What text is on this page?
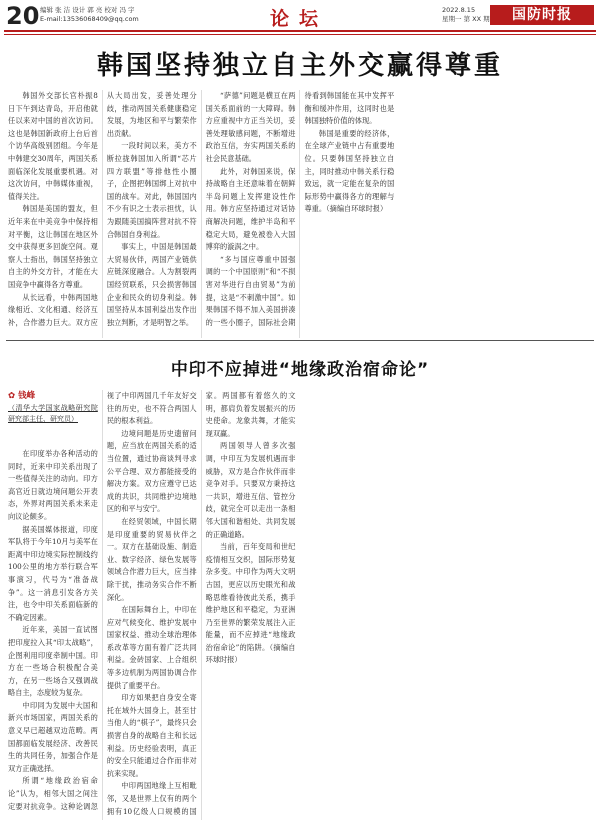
20 编辑 张 洁 设计 郭 亮 校对 冯 宇
E-mail:13536068409@qq.com	论坛	2022.8.15
星期一 第 XX 期	国防时报
韩国坚持独立自主外交赢得尊重

韩国外交部长官朴振8日下午到达青岛，开启他就任以来对中国的首次访问。这也是韩国新政府上台后首个访华高级别团组。今年是中韩建交30周年，两国关系面临深化发展重要机遇。对这次访问，中韩媒体重视，值得关注。

韩国是美国的盟友，但近年来在中美竞争中保持相对平衡，这让韩国在地区外交中获得更多回旋空间。观察人士指出，韩国坚持独立自主的外交方针，才能在大国竞争中赢得各方尊重。

从长远看，中韩两国地缘相近、文化相通、经济互补，合作潜力巨大。双方应从大局出发，妥善处理分歧，推动两国关系健康稳定发展，为地区和平与繁荣作出贡献。

一段时间以来，美方不断拉拢韩国加入所谓“芯片四方联盟”等排他性小圈子，企图把韩国绑上对抗中国的战车。对此，韩国国内不少有识之士表示担忧，认为跟随美国搞阵营对抗不符合韩国自身利益。

事实上，中国是韩国最大贸易伙伴，两国产业链供应链深度融合。人为割裂两国经贸联系，只会损害韩国企业和民众的切身利益。韩国坚持从本国利益出发作出独立判断，才是明智之举。

“萨德”问题是横亘在两国关系面前的一大障碍。韩方应重视中方正当关切，妥善处理敏感问题，不断增进政治互信，夯实两国关系的社会民意基础。

此外，对韩国来说，保持战略自主还意味着在朝鲜半岛问题上发挥建设性作用。韩方应坚持通过对话协商解决问题，维护半岛和平稳定大局，避免被卷入大国博弈的漩涡之中。

“多与国应尊重中国强调的一个中国原则”和“不损害对华进行自由贸易”为前提，这是“不刺激中国”。如果韩国不得不加入美国拼凑的一些小圈子，国际社会期待看到韩国能在其中发挥平衡和缓冲作用，这同时也是韩国独特价值的体现。

韩国是重要的经济体，在全球产业链中占有重要地位。只要韩国坚持独立自主，同时推动中韩关系行稳致远，就一定能在复杂的国际形势中赢得各方的理解与尊重。（摘编自环球时报）

中印不应掉进“地缘政治宿命论”
✿ 钱峰
（清华大学国家战略研究院研究部主任、研究员）

在印度举办各种活动的同时，近来中印关系出现了一些值得关注的动向。印方高官近日就边境问题公开表态，外界对两国关系未来走向议论颇多。

据美国媒体报道，印度军队将于今年10月与美军在距离中印边境实际控制线约100公里的地方举行联合军事演习，代号为“准备战争”。这一消息引发各方关注，也令中印关系面临新的不确定因素。

近年来，美国一直试图把印度拉入其“印太战略”，企图利用印度牵制中国。印方在一些场合积极配合美方，在另一些场合又强调战略自主，态度较为复杂。

中印同为发展中大国和新兴市场国家，两国关系的意义早已超越双边范畴。两国都面临发展经济、改善民生的共同任务，加强合作是双方正确选择。

所谓“地缘政治宿命论”认为，相邻大国之间注定要对抗竞争。这种论调忽视了中印两国几千年友好交往的历史，也不符合两国人民的根本利益。

边境问题是历史遗留问题，应当放在两国关系的适当位置，通过协商谈判寻求公平合理、双方都能接受的解决方案。双方应遵守已达成的共识，共同维护边境地区的和平与安宁。

在经贸领域，中国长期是印度重要的贸易伙伴之一。双方在基础设施、制造业、数字经济、绿色发展等领域合作潜力巨大，应当排除干扰，推动务实合作不断深化。

在国际舞台上，中印在应对气候变化、维护发展中国家权益、推动全球治理体系改革等方面有着广泛共同利益。金砖国家、上合组织等多边机制为两国协调合作提供了重要平台。

印方如果把自身安全寄托在域外大国身上，甚至甘当他人的“棋子”，最终只会损害自身的战略自主和长远利益。历史经验表明，真正的安全只能通过合作而非对抗来实现。

中印两国地缘上互相毗邻，又是世界上仅有的两个拥有10亿级人口规模的国家。两国都有着悠久的文明，都肩负着发展振兴的历史使命。龙象共舞，才能实现双赢。

两国领导人曾多次强调，中印互为发展机遇而非威胁，双方是合作伙伴而非竞争对手。只要双方秉持这一共识，增进互信、管控分歧，就完全可以走出一条相邻大国和谐相处、共同发展的正确道路。

当前，百年变局和世纪疫情相互交织，国际形势复杂多变。中印作为两大文明古国，更应以历史眼光和战略思维看待彼此关系，携手维护地区和平稳定，为亚洲乃至世界的繁荣发展注入正能量，而不应掉进“地缘政治宿命论”的陷阱。（摘编自环球时报）
